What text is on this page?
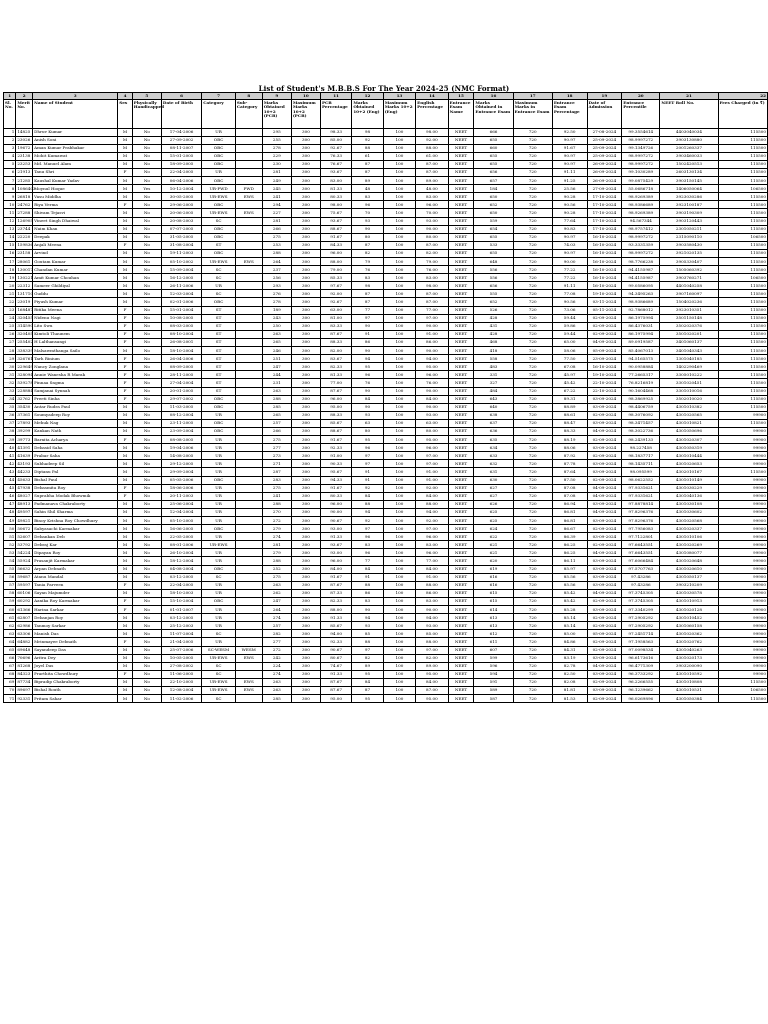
List of Student's M.B.B.S For The Year 2024-25 (NMC Format)
1	2	3	4	5	6	7	8	9	10	11	12	13	14	15	16	17	18	19	20	21	22
Sl. No.	Merit No.	Name of Student	Sex	Physically Handicapped	Date of Birth	Category	Sub-Category	Marks Obtained 10+2 (PCB)	Maximum Marks 10+2 (PCB)	PCB Percentage	Marks Obtained 10+2 (Eng)	Maximum Marks 10+2 (Eng)	English Percentage	Entrance Exam Name	Marks Obtained in Entrance Exam	Maximum Marks in Entrance Exam	Entrance Exam Percentage	Date of Admission	Entrance Percentile	NEET Roll No.	Fees Charged (in ₹)
1	14825	Dhruv Kumar	M	No	17-04-2006	UR		295	300	98.33	98	100	98.00	NEET	666	720	92.50	27-08-2024	99.3554614	4403040034	115500
2	23026	Anish Soni	M	No	27-09-2002	OBC		255	300	85.00	92	100	92.00	NEET	655	720	90.97	25-09-2024	98.9997272	3903130880	115500
3	19672	Aman Kumar Prabhakar	M	No	08-11-2007	OBC		278	300	92.67	88	100	88.00	NEET	660	720	91.67	25-09-2024	99.1349726	2001260337	115500
4	23138	Mohit Kumawat	M	No	15-01-2005	OBC		229	300	76.33	61	100	61.00	NEET	655	720	90.97	25-09-2024	98.9997272	3903460033	115500
5	23253	Md. Manuel Alam	M	No	18-09-2005	OBC		230	300	76.67	87	100	87.00	NEET	655	720	90.97	26-09-2024	98.9997272	1502420513	115500
6	21913	Tanu Shri	F	No	22-04-2005	UR		281	300	93.67	87	100	87.00	NEET	656	720	91.11	26-09-2024	99.1030289	2603130134	115500
7	21285	Kaushal Kumar Yadav	M	No	06-04-2006	OBC		249	300	83.00	89	100	89.00	NEET	657	720	91.25	26-09-2024	99.0875429	3903150145	115500
8	1086403	Moynul Hoque	M	Yes	10-12-2004	UR-PWD	PWD	245	300	81.33	48	100	48.00	NEET	184	720	25.56	27-09-2024	55.0686718	1406050064	106500
9	26818	Vasu Middha	M	No	30-05-2005	UR-EWS	EWS	241	300	80.33	83	100	83.00	NEET	650	720	90.28	17-10-2024	98.9269389	3923030286	115500
10	24762	Riya Verma	F	No	29-06-2005	OBC		294	300	98.00	96	100	96.00	NEET	652	720	90.56	17-10-2024	98.9386689	3923100187	115500
11	27288	Shivam Tejasvi	M	No	20-06-2005	UR-EWS	EWS	227	300	75.67	70	100	70.00	NEET	650	720	90.28	17-10-2024	98.9269389	3903190309	115500
12	126905	Vineet Singh Dhaiwal	M	No	20-08-2003	SC		281	300	93.67	93	100	93.00	NEET	559	720	77.64	17-10-2024	94.567344	3903120443	115500
13	23744	Naim Khan	M	No	07-07-2005	OBC		266	300	88.67	90	100	90.00	NEET	654	720	90.83	17-10-2024	98.9757412	2301050211	115500
14	22220	Deepak	M	No	31-05-2005	OBC		275	300	91.67	80	100	80.00	NEET	655	720	90.97	16-10-2024	98.9997272	2315090110	106500
15	159836	Anjali Meena	F	No	31-08-2004	ST		253	300	84.33	87	100	87.00	NEET	533	720	74.03	16-10-2024	93.3331359	3903580430	115500
16	23158	Arvind	M	No	19-11-2003	OBC		288	300	96.00	82	100	82.00	NEET	655	720	90.97	16-10-2024	98.9997272	3921020135	115500
17	28061	Goutam Kumar	M	No	05-10-2002	UR-EWS	EWS	264	300	88.00	79	100	79.00	NEET	648	720	90.00	16-10-2024	98.7766238	3905330407	115500
18	130017	Chandan Kumar	M	No	15-09-2004	SC		237	300	79.00	76	100	76.00	NEET	556	720	77.22	16-10-2024	94.4155987	1505060392	115500
19	130221	Amit Kumar Chouhan	M	No	16-12-2005	SC		256	300	85.33	83	100	83.00	NEET	556	720	77.22	16-10-2024	94.4155987	3903760271	106500
20	22312	Sameer Ghildiyal	M	No	26-11-2006	UR		293	300	97.67	98	100	98.00	NEET	656	720	91.11	16-10-2024	99.0586095	4401040258	115500
21	131710	Guddu	M	No	12-03-2004	SC		276	300	92.00	87	100	87.00	NEET	555	720	77.08	19-10-2024	94.3495263	3907160097	115500
22	23019	Piyush Kumar	M	No	02-01-2006	OBC		278	300	92.67	87	100	87.00	NEET	652	720	90.56	03-11-2024	98.9386689	1504020236	115500
23	168487	Ritika Meena	F	No	15-01-2004	ST		189	300	63.00	77	100	77.00	NEET	526	720	73.06	05-11-2024	92.7868012	3923010351	115500
24	320455	Nidenu Nagi	F	No	10-08-2005	ST		243	300	81.00	97	100	97.00	NEET	428	720	59.44	02-09-2024	86.1975994	3501150148	115500
25	314590	Lito Swu	F	No	08-03-2005	ST		250	300	83.33	90	100	90.00	NEET	431	720	59.86	02-09-2024	86.4376031	3502020376	115500
26	320405	Kimtoli Thaunem	F	No	08-10-2004	ST		263	300	87.67	91	100	91.00	NEET	428	720	59.44	02-09-2024	86.1975994	3501020201	115500
27	255402	H Lalthansangi	F	No	26-08-2001	ST		265	300	88.33	86	100	86.00	NEET	468	720	65.00	04-09-2024	89.0919587	3401060137	115500
28	338339	Malsawmthanga Sailo	M	No	18-10-2004	ST		246	300	82.00	90	100	90.00	NEET	418	720	58.06	05-09-2024	85.4067013	3401040343	115500
29	326761	Tarh Rinium	F	No	26-04-2006	ST		251	300	83.67	94	100	94.00	NEET	558	720	77.50	23-09-2024	94.5165575	1301040185	115500
30	229649	Nancy Zonglana	F	No	08-09-2005	ST		247	300	82.33	95	100	95.00	NEET	483	720	67.08	16-10-2024	90.0958884	1402290469	115500
31	328094	Annie Wanesha R Marak	F	No	28-11-2005	ST		244	300	81.33	96	100	96.00	NEET	331	720	45.97	19-10-2024	77.2665317	3305010222	115500
32	539278	Pinnaa Sngma	F	No	27-04-2004	ST		231	300	77.00	76	100	76.00	NEET	327	720	45.42	22-10-2024	76.8216819	3301020451	115500
33	228884	Samjanai Synnah	F	No	20-01-2005	ST		263	300	87.67	90	100	90.00	NEET	484	720	67.22	22-10-2024	90.1604468	3301010016	115500
34	32762	Preeti Sinha	F	No	29-07-2002	OBC		288	300	96.00	84	100	84.00	NEET	643	720	89.31	03-09-2024	98.3869925	3502010020	115500
35	35430	Antar Rudra Paul	M	No	11-03-2005	OBC		285	300	95.00	90	100	90.00	NEET	640	720	88.89	03-09-2024	98.4406759	4301010382	115500
36	37361	Soumyadeep Roy	M	No	08-12-2004	UR		265	300	88.33	93	100	93.00	NEET	638	720	88.61	02-09-2024	98.3076092	4301020565	99900
37	27893	Mehuk Nag	M	No	23-11-2005	OBC		257	300	85.67	63	100	63.00	NEET	637	720	88.47	03-09-2024	98.3471457	4301010821	115500
38	39299	Kankan Nath	M	No	23-09-2004	OBC		266	300	88.67	80	100	80.00	NEET	636	720	88.33	04-09-2024	98.3022736	4301050696	99900
39	39773	Barnita Acharya	F	No	08-08-2005	UR		275	300	91.67	95	100	95.00	NEET	635	720	88.19	02-09-2024	98.2439133	4301020307	99900
40	41391	Debasid Saha	M	No	19-04-2006	UR		277	300	92.33	96	100	96.00	NEET	634	720	88.06	03-09-2024	98.227458	4301050319	99900
41	41639	Prabar Saha	M	No	14-08-2005	UR		273	300	91.00	97	100	97.00	NEET	633	720	87.92	02-09-2024	98.1837717	4301010444	99900
42	43193	Subhadeep Sil	M	No	29-12-2005	UR		271	300	90.33	97	100	97.00	NEET	632	720	87.78	03-09-2024	98.1435711	4301020653	99900
43	44233	Diptanu Pal	M	No	29-09-2004	UR		287	300	95.67	91	100	91.00	NEET	631	720	87.64	03-09-2024	98.095599	4302010167	115500
44	45633	Bishal Paul	M	No	05-05-2006	OBC		283	300	94.33	91	100	91.00	NEET	630	720	87.50	02-09-2024	98.0622552	4301010149	99900
45	47938	Debasmita Roy	F	No	18-06-2006	UR		275	300	91.67	92	100	92.00	NEET	627	720	87.08	04-09-2024	97.9331621	4301030229	99900
46	48027	Suprabha Modak Bhowmik	F	No	20-11-2003	UR		241	300	80.33	84	100	84.00	NEET	627	720	87.08	04-09-2024	97.9331621	4301040136	99900
47	48913	Padmanava Chakraborty	M	No	25-06-2004	UR		288	300	96.00	88	100	88.00	NEET	626	720	86.94	03-09-2024	97.8878814	4301030108	99900
48	49597	Sahin Shil Sharma	M	No	12-04-2004	UR		270	300	90.00	94	100	94.00	NEET	625	720	86.81	04-09-2024	97.8296376	4301030602	99900
49	49821	Binoy Krishna Roy Chowdhury	M	No	05-10-2005	UR		272	300	90.67	92	100	92.00	NEET	625	720	86.81	03-09-2024	97.8296376	4301020568	99900
50	50672	Sabyasachi Karmakar	M	No	16-06-2005	OBC		279	300	93.00	97	100	97.00	NEET	624	720	86.67	02-09-2024	97.7956083	4301020337	99900
51	52607	Debankan Deb	M	No	22-05-2005	UR		274	300	91.33	96	100	96.00	NEET	622	720	86.39	03-09-2024	97.7122801	4301010106	99900
52	53792	Debraj Kar	M	No	08-01-2006	UR-EWS		281	300	93.67	83	100	83.00	NEET	621	720	86.25	02-09-2024	97.6643551	4301020269	99900
53	54224	Dipayan Roy	M	No	26-10-2004	UR		279	300	93.00	96	100	96.00	NEET	621	720	86.25	04-09-2024	97.6643551	4301080077	99900
54	55924	Prasanjit Karmakar	M	No	18-12-2004	UR		288	300	96.00	77	100	77.00	NEET	620	720	86.11	03-09-2024	97.6066484	4301020648	99900
55	56632	Arpan Debnath	M	No	04-08-2004	OBC		252	300	84.00	84	100	84.00	NEET	619	720	85.97	03-09-2024	97.5707763	4301020610	99900
56	59687	Atanu Mandal	M	No	03-12-2005	SC		275	300	91.67	91	100	91.00	NEET	616	720	85.56	03-09-2024	97.43286	4301050137	99900
57	59597	Tania Parveen	F	No	22-04-2005	UR		263	300	87.67	88	100	88.00	NEET	616	720	85.56	03-09-2024	97.43286	3903210209	99900
58	60106	Sayan Majumder	M	No	18-10-2003	UR		262	300	87.33	86	100	86.00	NEET	615	720	85.42	04-09-2024	97.3745305	4301030578	99900
59	60292	Aanika Roy Karmakar	F	No	15-10-2004	OBC		247	300	82.33	83	100	83.00	NEET	615	720	85.42	02-09-2024	97.3745305	4301010913	99900
60	61366	Harina Sarkar	F	No	01-01-2007	UR		264	300	88.00	90	100	90.00	NEET	614	720	85.28	03-09-2024	97.3340299	4301020128	99900
61	62807	Debanjan Roy	M	No	03-12-2005	UR		274	300	91.33	94	100	94.00	NEET	613	720	85.14	02-09-2024	97.2905292	4301010452	99900
62	62986	Tanmoy Sarkar	M	No	25-12-2003	UR		257	300	85.67	93	100	93.00	NEET	613	720	85.14	02-09-2024	97.2905292	4301060158	99900
63	63306	Manish Das	M	No	11-07-2004	SC		282	300	94.00	85	100	85.00	NEET	612	720	85.00	05-09-2024	97.2451714	4301020362	99900
64	64882	Mrinmayee Debnath	F	No	21-04-2005	UR		277	300	92.33	88	100	88.00	NEET	611	720	84.86	02-09-2024	97.1958563	4301020762	99900
65	69648	Sayandeep Das	M	No	25-07-2006	SC-WESM	WESM	272	300	90.67	97	100	97.00	NEET	607	720	84.31	02-09-2024	97.0098534	4301040263	99900
66	70696	Aritra Dey	M	No	10-05-2005	UR-EWS	EWS	242	300	80.67	82	100	82.00	NEET	599	720	83.19	03-09-2024	96.6173616	4301020173	99900
67	81268	Joyel Das	M	No	27-08-2002	SC		224	300	74.67	89	100	89.00	NEET	596	720	82.78	04-09-2024	96.4771309	3903200090	99900
68	84323	Prarthita Chowdhury	F	No	11-06-2005	SC		274	300	91.33	95	100	95.00	NEET	594	720	82.50	03-09-2024	96.3733292	4301010592	99900
69	87734	Bipradip Chakraborty	M	No	22-10-2005	UR-EWS	EWS	263	300	87.67	84	100	84.00	NEET	591	720	82.08	02-09-2024	96.2266555	4301010808	115500
70	89697	Bishal Routh	M	No	12-08-2004	UR-EWS	EWS	263	300	87.67	87	100	87.00	NEET	589	720	81.81	03-09-2024	96.1239662	4301010531	106500
71	92331	Pritam Sahar	M	No	11-02-2006	SC		285	300	95.00	95	100	95.00	NEET	587	720	81.53	02-09-2024	96.0269896	4301050384	115500
